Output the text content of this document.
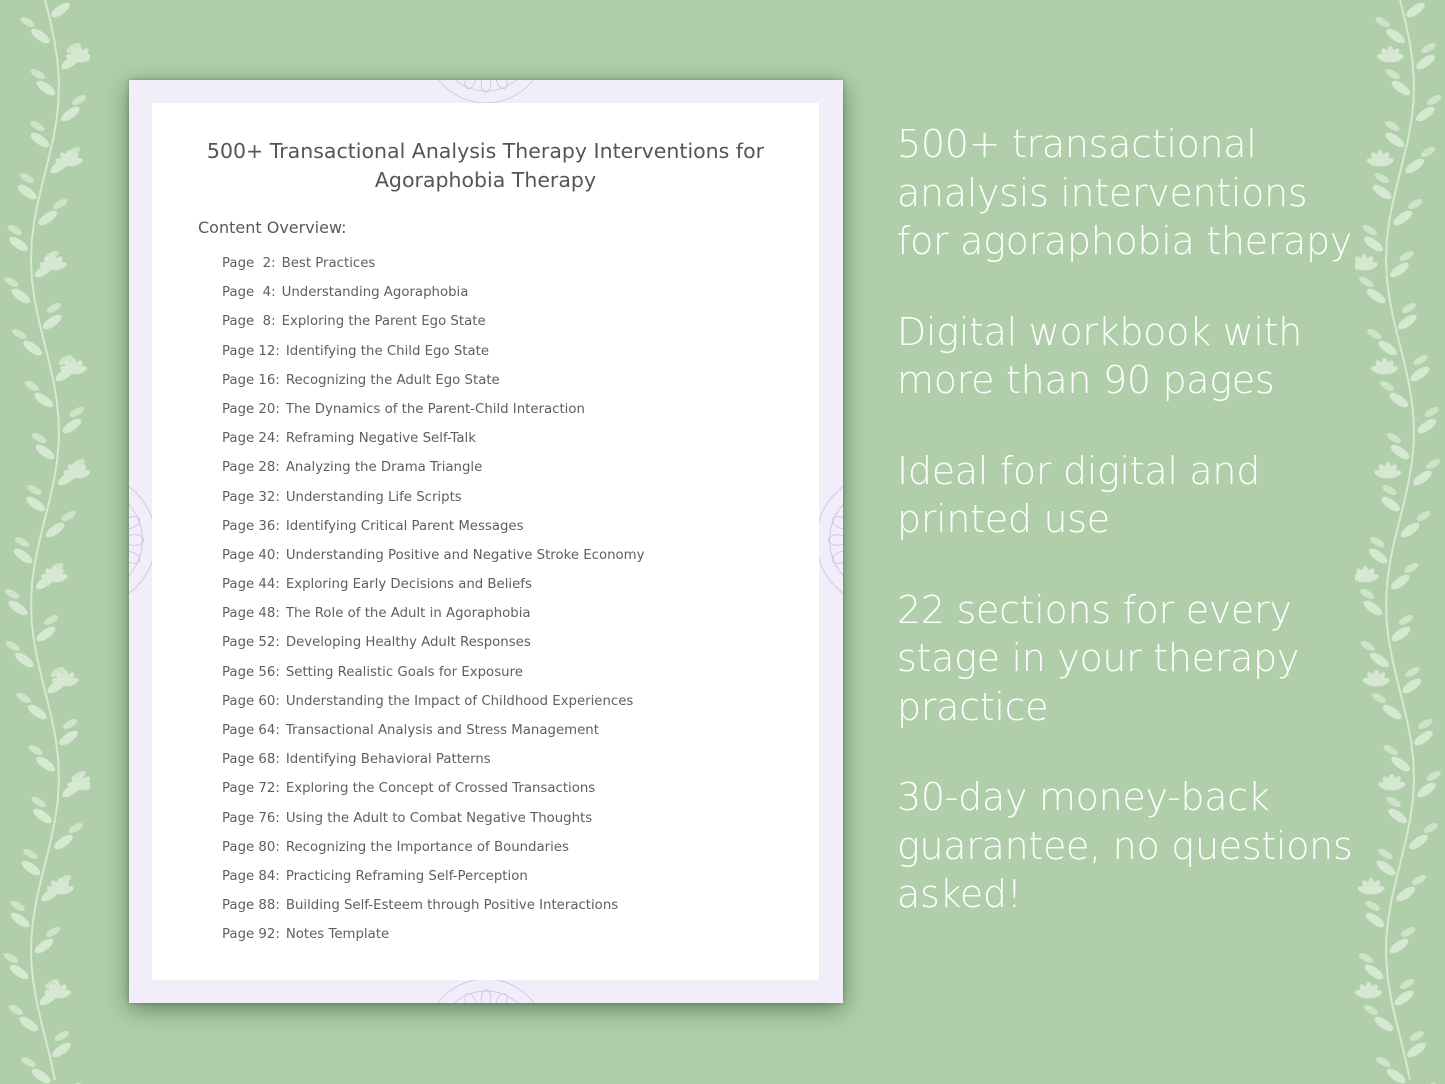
500+ Transactional Analysis Therapy Interventions for Agoraphobia Therapy
Content Overview:
Page  2: Best Practices
Page  4: Understanding Agoraphobia
Page  8: Exploring the Parent Ego State
Page 12: Identifying the Child Ego State
Page 16: Recognizing the Adult Ego State
Page 20: The Dynamics of the Parent-Child Interaction
Page 24: Reframing Negative Self-Talk
Page 28: Analyzing the Drama Triangle
Page 32: Understanding Life Scripts
Page 36: Identifying Critical Parent Messages
Page 40: Understanding Positive and Negative Stroke Economy
Page 44: Exploring Early Decisions and Beliefs
Page 48: The Role of the Adult in Agoraphobia
Page 52: Developing Healthy Adult Responses
Page 56: Setting Realistic Goals for Exposure
Page 60: Understanding the Impact of Childhood Experiences
Page 64: Transactional Analysis and Stress Management
Page 68: Identifying Behavioral Patterns
Page 72: Exploring the Concept of Crossed Transactions
Page 76: Using the Adult to Combat Negative Thoughts
Page 80: Recognizing the Importance of Boundaries
Page 84: Practicing Reframing Self-Perception
Page 88: Building Self-Esteem through Positive Interactions
Page 92: Notes Template
500+ transactional analysis interventions for agoraphobia therapy
Digital workbook with more than 90 pages
Ideal for digital and printed use
22 sections for every stage in your therapy practice
30-day money-back guarantee, no questions asked!
